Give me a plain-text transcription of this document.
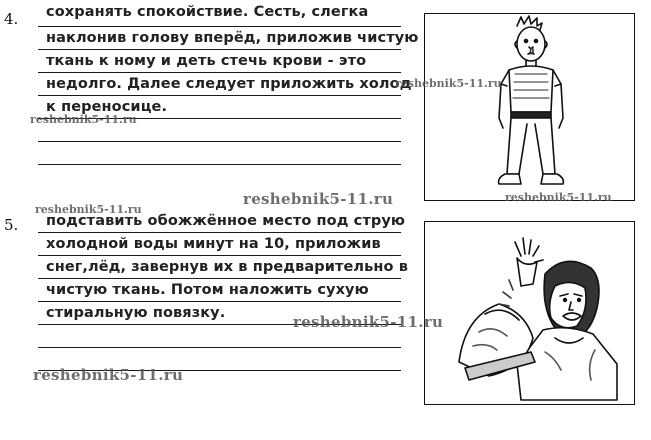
4. сохранять спокойствие. Сесть, слегка
наклонив голову вперёд, приложив чистую
ткань к ному и деть стечь крови - это
недолго. Далее следует приложить холод
к переносице.
5. подставить обожжённое место под струю
холодной воды минут на 10, приложив
снег,лёд, завернув их в предварительно в
чистую ткань. Потом наложить сухую
стиральную повязку.
reshebnik5-11.ru
reshebnik5-11.ru
reshebnik5-11.ru
reshebnik5-11.ru	reshebnik5-11.ru
reshebnik5-11.ru
reshebnik5-11.ru
